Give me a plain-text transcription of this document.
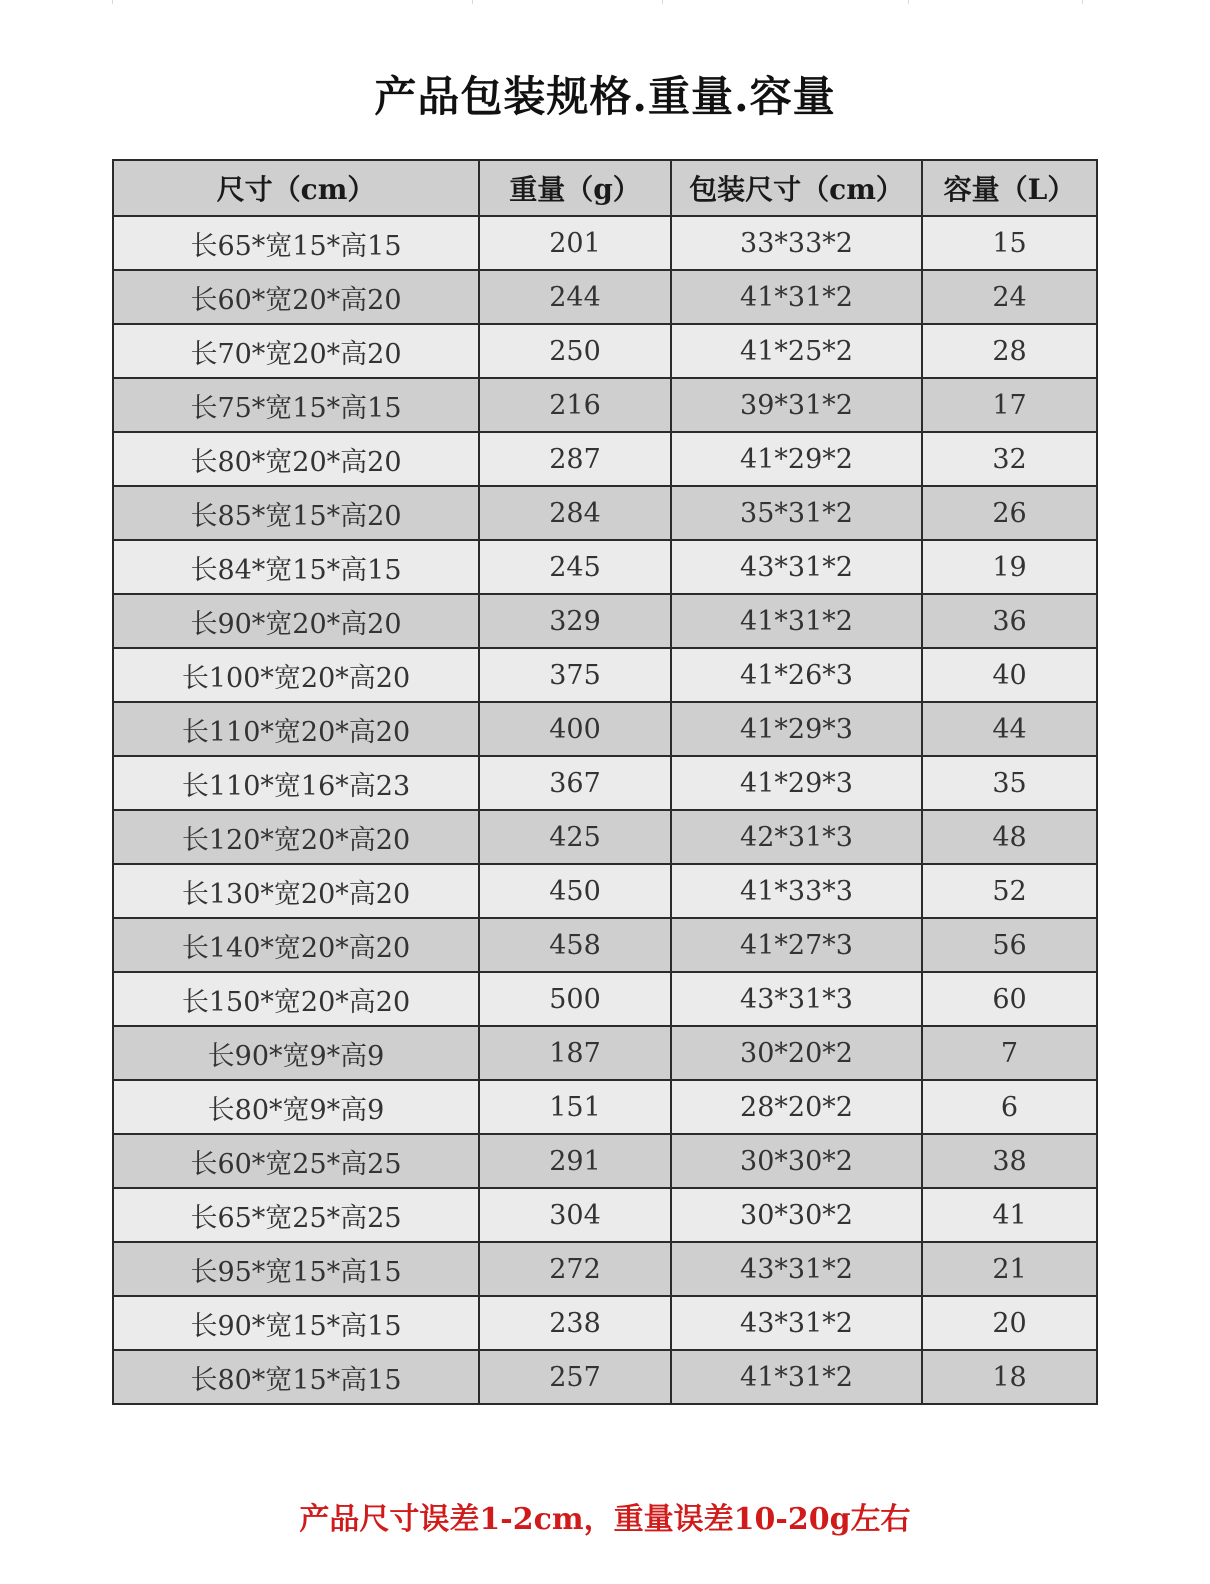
产品包装规格.重量.容量
尺寸（cm）	重量（g）	包装尺寸（cm）	容量（L）
长65*宽15*高15	201	33*33*2	15
长60*宽20*高20	244	41*31*2	24
长70*宽20*高20	250	41*25*2	28
长75*宽15*高15	216	39*31*2	17
长80*宽20*高20	287	41*29*2	32
长85*宽15*高20	284	35*31*2	26
长84*宽15*高15	245	43*31*2	19
长90*宽20*高20	329	41*31*2	36
长100*宽20*高20	375	41*26*3	40
长110*宽20*高20	400	41*29*3	44
长110*宽16*高23	367	41*29*3	35
长120*宽20*高20	425	42*31*3	48
长130*宽20*高20	450	41*33*3	52
长140*宽20*高20	458	41*27*3	56
长150*宽20*高20	500	43*31*3	60
长90*宽9*高9	187	30*20*2	7
长80*宽9*高9	151	28*20*2	6
长60*宽25*高25	291	30*30*2	38
长65*宽25*高25	304	30*30*2	41
长95*宽15*高15	272	43*31*2	21
长90*宽15*高15	238	43*31*2	20
长80*宽15*高15	257	41*31*2	18
产品尺寸误差1-2cm，重量误差10-20g左右
